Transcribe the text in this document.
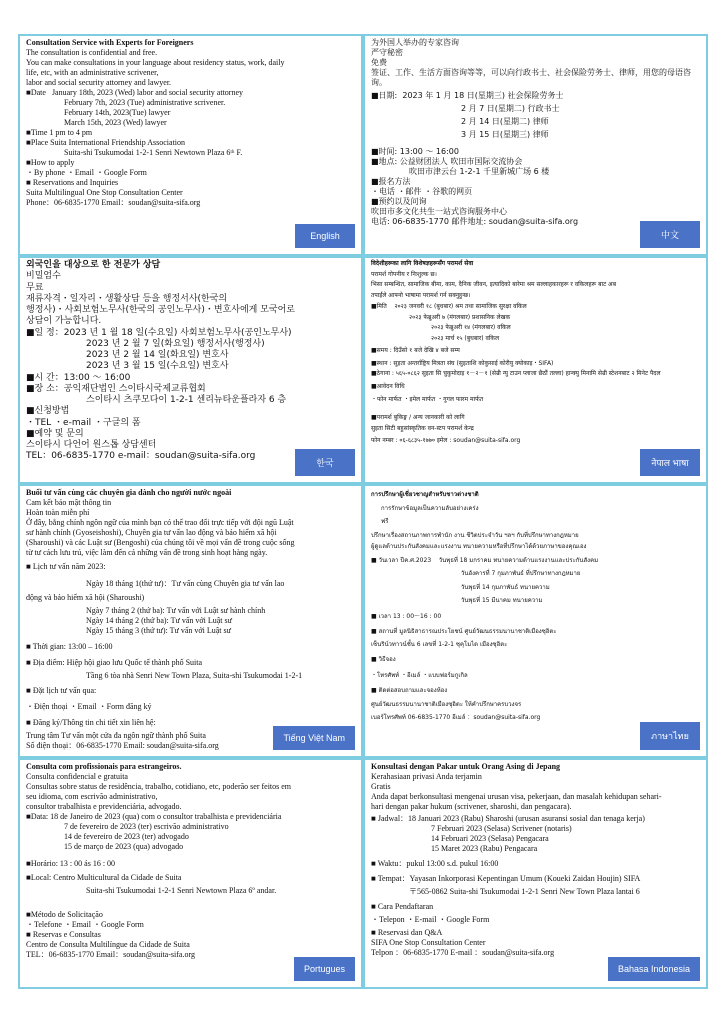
Consultation Service with Experts for Foreigners

The consultation is confidential and free.

You can make consultations in your language about residency status, work, daily

life, etc, with an administrative scrivener,

labor and social security attorney and lawyer.

■Date January 18th, 2023 (Wed) labor and social security attorney

February 7th, 2023 (Tue) administrative scrivener.

February 14th, 2023(Tue) lawyer

March 15th, 2023 (Wed) lawyer

■Time 1 pm to 4 pm

■Place Suita International Friendship Association

Suita-shi Tsukumodai 1-2-1 Senri Newtown Plaza 6ᵗʰ F.

■How to apply

・By phone ・Email ・Google Form

■ Reservations and Inquiries

Suita Multilingual One Stop Consultation Center

Phone：06-6835-1770 Email：soudan@suita-sifa.org

English

为外国人举办的专家咨询

严守秘密

免费

签证、工作、生活方面咨询等等，可以向行政书士、社会保险劳务士、律师，用您的母语咨询。

■日期: 2023 年 1 月 18 日(星期三) 社会保险劳务士

2 月 7 日(星期二) 行政书士

2 月 14 日(星期二) 律师

3 月 15 日(星期三) 律师

■时间: 13:00 ～ 16:00

■地点: 公益财团法人 吹田市国际交流协会

吹田市津云台 1-2-1 千里新城广场 6 楼

■报名方法

・电话 ・邮件 ・谷歌的网页

■预约以及问询

吹田市多文化共生一站式咨询服务中心

电话: 06-6835-1770 邮件地址: soudan@suita-sifa.org

中文

외국인을 대상으로 한 전문가 상담

비밀엄수

무료

재류자격・일자리・생활상담 등을 행정서사(한국의

행정사)・사회보험노무사(한국의 공인노무사)・변호사에게 모국어로

상담이 가능합니다.

■일 정：2023 년 1 월 18 일(수요일) 사회보험노무사(공인노무사)

2023 년 2 월 7 일(화요일) 행정서사(행정사)

2023 년 2 월 14 일(화요일) 변호사

2023 년 3 월 15 일(수요일) 변호사

■시 간：13:00 ～ 16:00

■장 소：공익재단법인 스이타시국제교류협회

스이타시 츠쿠모다이 1-2-1 센리뉴타운플라자 6 층

■신청방법

・TEL ・e-mail ・구글의 폼

■예약 및 문의

스이타시 다언어 원스톱 상담센터

TEL：06-6835-1770 e-mail：soudan@suita-sifa.org

한국

विदेशीहरूका लागि विशेषज्ञहरूसँग परामर्श सेवा

परामर्श गोपनीय र निःशुल्क छ।

भिसा सम्बन्धित, सामाजिक बीमा, काम, दैनिक जीवन, इत्यादिको बारेमा श्रम सल्लाहकारहरू र वकिलहरू बाट अब

तपाईंले आफ्नो भाषामा परामर्श गर्न सक्नुहुन्छ।

■मिति २०२३ जनवरी १८ (बुधबार) श्रम तथा सामाजिक सुरक्षा वकिल

२०२३ फेब्रुअरी ७ (मंगलबार) प्रशासनिक लेखक

२०२३ फेब्रुअरी १४ (मंगलबार) वकिल

२०२३ मार्च १५ (बुधबार) वकिल

■समय : दिउँसो १ बजे देखि ४ बजे सम्म

■स्थान : सुइता अन्तर्राष्ट्रिय मित्रता संघ (सुइताशि कोकुसाई कोरीयु क्योकाइ・SIFA)

■ठेगाना : ५६५-०८६२ सुइता सि चुकुमोदाइ १－२－१ (सेन्री न्यु टाउन प्लाजा छैठौं तल्ला) हान्क्यु मिनामि सेन्री स्टेशनबाट २ मिनेट पैदल

■आवेदन विधि

・फोन मार्फत ・इमेल मार्फत ・गुगल फारम मार्फत

■परामर्श बुकिङ्ग / अन्य जानकारी को लागि

सुइता सिटी बहुसांस्कृतिक वन-स्टप परामर्श केन्द्र

फोन नम्बर : ०६-६८३५-१७७० इमेल : soudan@suita-sifa.org

नेपाल भाषा

Buổi tư vấn cùng các chuyên gia dành cho người nước ngoài

Cam kết bảo mật thông tin

Hoàn toàn miễn phí

Ở đây, bằng chính ngôn ngữ của mình bạn có thể trao đổi trực tiếp với đội ngũ Luật

sư hành chính (Gyoseishoshi), Chuyên gia tư vấn lao động và bảo hiểm xã hội

(Sharoushi) và các Luật sư (Bengoshi) của chúng tôi về mọi vấn đề trong cuộc sống

từ tư cách lưu trú, việc làm đến cả những vấn đề trong sinh hoạt hàng ngày.

■ Lịch tư vấn năm 2023:

Ngày 18 tháng 1(thứ tư)：Tư vấn cùng Chuyên gia tư vấn lao

động và bảo hiểm xã hội (Sharoushi)

Ngày 7 tháng 2 (thứ ba): Tư vấn với Luật sư hành chính

Ngày 14 tháng 2 (thứ ba): Tư vấn với Luật sư

Ngày 15 tháng 3 (thứ tư): Tư vấn với Luật sư

■ Thời gian: 13:00 – 16:00

■ Địa điểm: Hiệp hội giao lưu Quốc tế thành phố Suita

Tầng 6 tòa nhà Senri New Town Plaza, Suita-shi Tsukumodai 1-2-1

■ Đặt lịch tư vấn qua:

・Điện thoại ・Email ・Form đăng ký

■ Đăng ký/Thông tin chi tiết xin liên hệ:

Trung tâm Tư vấn một cửa đa ngôn ngữ thành phố Suita

Số điện thoại：06-6835-1770 Email: soudan@suita-sifa.org

Tiếng Việt Nam

การปรึกษาผู้เชี่ยวชาญสำหรับชาวต่างชาติ

การรักษาข้อมูลเป็นความลับอย่างเคร่ง

ฟรี

ปรึกษาเรื่องสถานภาพการพำนัก งาน ชีวิตประจำวัน ฯลฯ กับที่ปรึกษาทางกฎหมาย

ผู้ดูแลด้านประกันสังคมและแรงงาน ทนายความหรือที่ปรึกษาได้ด้วยภาษาของคุณเอง

■ วันเวลา ปีค.ศ.2023 วันพุธที่ 18 มกราคม ทนายความด้านแรงงานและประกันสังคม

วันอังคารที่ 7 กุมภาพันธ์ ที่ปรึกษาทางกฎหมาย

วันพุธที่ 14 กุมภาพันธ์ ทนายความ

วันพุธที่ 15 มีนาคม ทนายความ

■ เวลา 13 : 00～16 : 00

■ สถานที่ มูลนิธิสาธารณประโยชน์ ศูนย์วัฒนธรรมนานาชาติเมืองซุอิตะ

เซ็นริน์วทาวน์ชั้น 6 เลขที่ 1-2-1 ซุคุโมได เมืองซุอิตะ

■ วิธีจอง

・โทรศัพท์ ・อีเมล์ ・แบบฟอร์มกูเกิล

■ ติดต่อสอบถามและจองห้อง

ศูนย์วัฒนธรรมนานาชาติเมืองซุอิตะ ให้คำปรึกษาครบวงจร

เบอร์โทรศัพท์ 06-6835-1770 อีเมล์ ：soudan@suita-sifa.org

ภาษาไทย

Consulta com profissionais para estrangeiros.

Consulta confidencial e gratuita

Consultas sobre status de residência, trabalho, cotidiano, etc, poderão ser feitos em

seu idioma, com escrivão administrativo,

consultor trabalhista e previdenciária, advogado.

■Data: 18 de Janeiro de 2023 (qua) com o consultor trabalhista e previdenciária

7 de fevereiro de 2023 (ter) escrivão administrativo

14 de fevereiro de 2023 (ter) advogado

15 de março de 2023 (qua) advogado

■Horário: 13 : 00 ás 16 : 00

■Local: Centro Multicultural da Cidade de Suita

Suita-shi Tsukumodai 1-2-1 Senri Newtown Plaza 6º andar.

■Método de Solicitação

・Telefone ・Email ・Google Form

■ Reservas e Consultas

Centro de Consulta Multilíngue da Cidade de Suita

TEL：06-6835-1770 Email：soudan@suita-sifa.org

Portugues

Konsultasi dengan Pakar untuk Orang Asing di Jepang

Kerahasiaan privasi Anda terjamin

Gratis

Anda dapat berkonsultasi mengenai urusan visa, pekerjaan, dan masalah kehidupan sehari-

hari dengan pakar hukum (scrivener, sharoshi, dan pengacara).

■ Jadwal：18 Januari 2023 (Rabu) Sharoshi (urusan asuransi sosial dan tenaga kerja)

7 Februari 2023 (Selasa) Scrivener (notaris)

14 Februari 2023 (Selasa) Pengacara

15 Maret 2023 (Rabu) Pengacara

■ Waktu：pukul 13:00 s.d. pukul 16:00

■ Tempat：Yayasan Inkorporasi Kepentingan Umum (Koueki Zaidan Houjin) SIFA

〒565-0862 Suita-shi Tsukumodai 1-2-1 Senri New Town Plaza lantai 6

■ Cara Pendaftaran

・Telepon ・E-mail ・Google Form

■ Reservasi dan Q&A

SIFA One Stop Consultation Center

Telpon ：06-6835-1770 E-mail ：soudan@suita-sifa.org

Bahasa Indonesia
